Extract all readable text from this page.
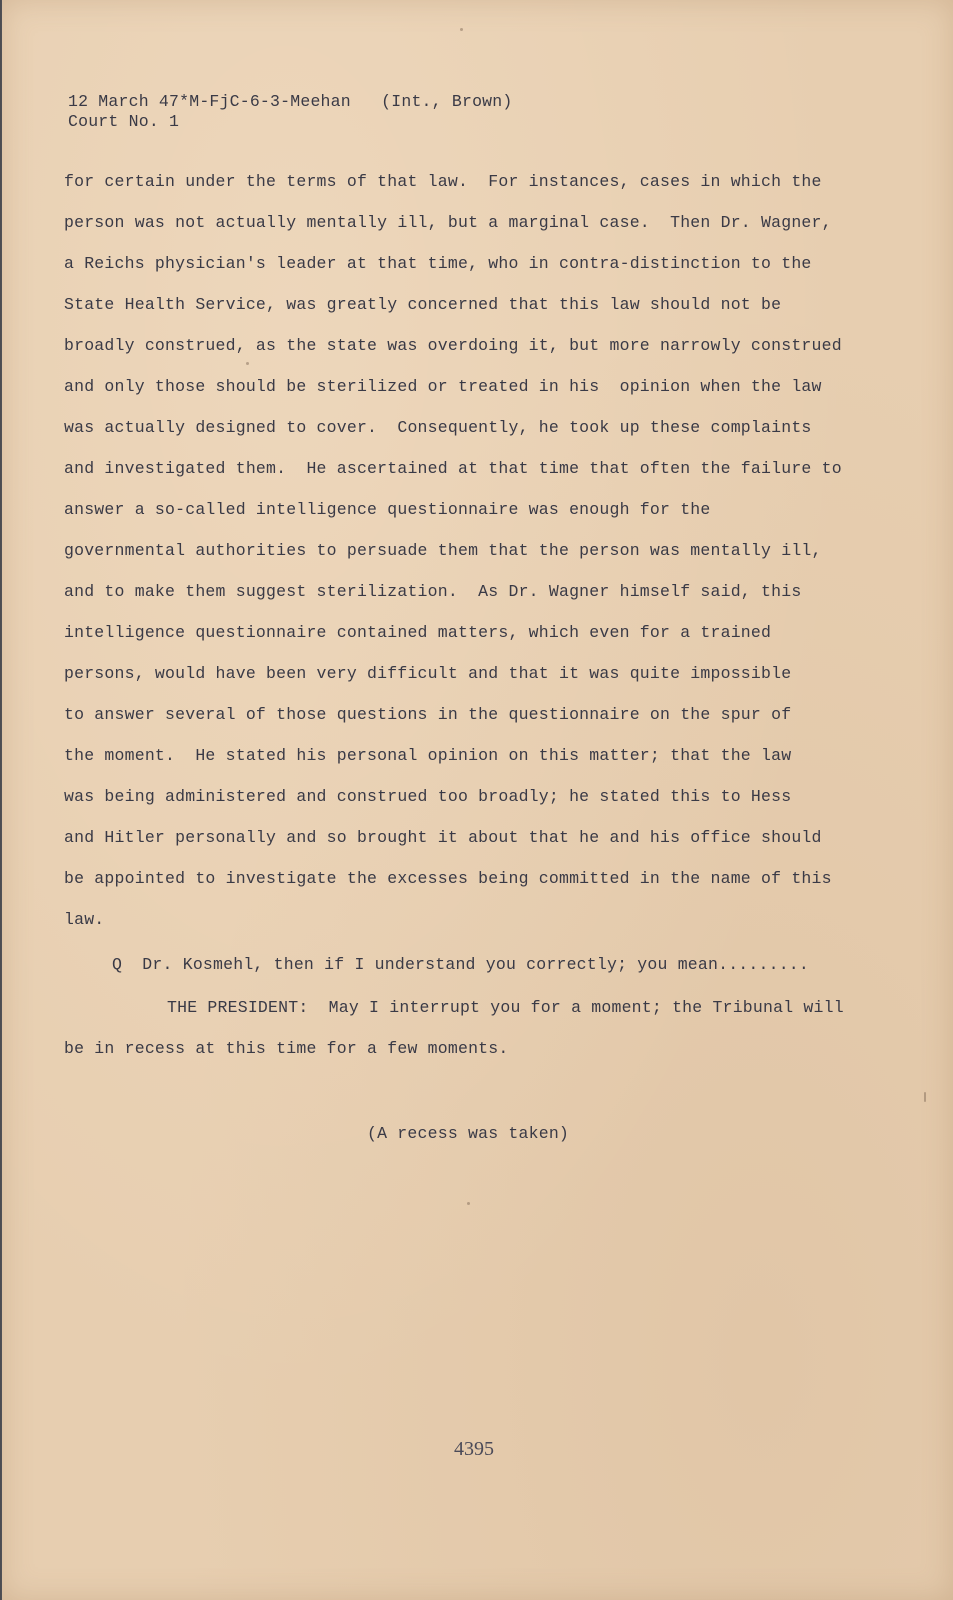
12 March 47*M-FjC-6-3-Meehan   (Int., Brown)
Court No. 1
for certain under the terms of that law.  For instances, cases in which the
person was not actually mentally ill, but a marginal case.  Then Dr. Wagner,
a Reichs physician's leader at that time, who in contra-distinction to the
State Health Service, was greatly concerned that this law should not be
broadly construed, as the state was overdoing it, but more narrowly construed
and only those should be sterilized or treated in his  opinion when the law
was actually designed to cover.  Consequently, he took up these complaints
and investigated them.  He ascertained at that time that often the failure to
answer a so-called intelligence questionnaire was enough for the
governmental authorities to persuade them that the person was mentally ill,
and to make them suggest sterilization.  As Dr. Wagner himself said, this
intelligence questionnaire contained matters, which even for a trained
persons, would have been very difficult and that it was quite impossible
to answer several of those questions in the questionnaire on the spur of
the moment.  He stated his personal opinion on this matter; that the law
was being administered and construed too broadly; he stated this to Hess
and Hitler personally and so brought it about that he and his office should
be appointed to investigate the excesses being committed in the name of this
law.
Q  Dr. Kosmehl, then if I understand you correctly; you mean.........
THE PRESIDENT:  May I interrupt you for a moment; the Tribunal will
be in recess at this time for a few moments.
(A recess was taken)
4395
